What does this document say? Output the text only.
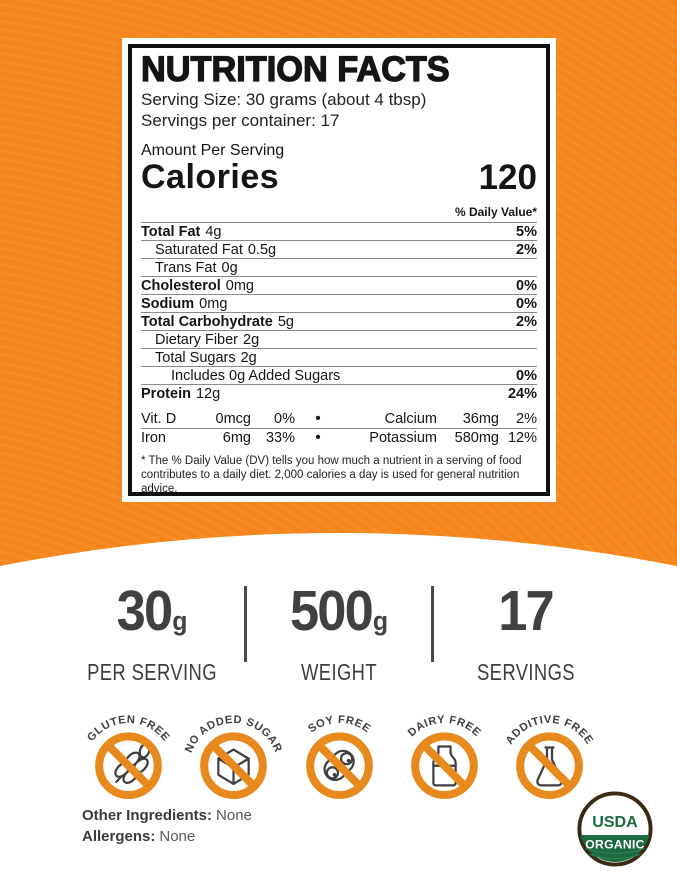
NUTRITION FACTS
Serving Size: 30 grams (about 4 tbsp)
Servings per container: 17
Amount Per Serving
Calories	120
% Daily Value*
Total Fat 4g	5%
Saturated Fat 0.5g	2%
Trans Fat 0g
Cholesterol 0mg	0%
Sodium 0mg	0%
Total Carbohydrate 5g	2%
Dietary Fiber 2g
Total Sugars 2g
Includes 0g Added Sugars	0%
Protein 12g	24%
Vit. D	0mcg	0%	•	Calcium	36mg	2%
Iron	6mg	33%	•	Potassium	580mg 12%
* The % Daily Value (DV) tells you how much a nutrient in a serving of food
contributes to a daily diet. 2,000 calories a day is used for general nutrition advice.
30g
PER SERVING
500g
WEIGHT
17
SERVINGS
GLUTEN FREE
NO ADDED SUGAR
SOY FREE	DAIRY FREE
ADDITIVE FREE
Other Ingredients: None
Allergens: None
USDA
ORGANIC
